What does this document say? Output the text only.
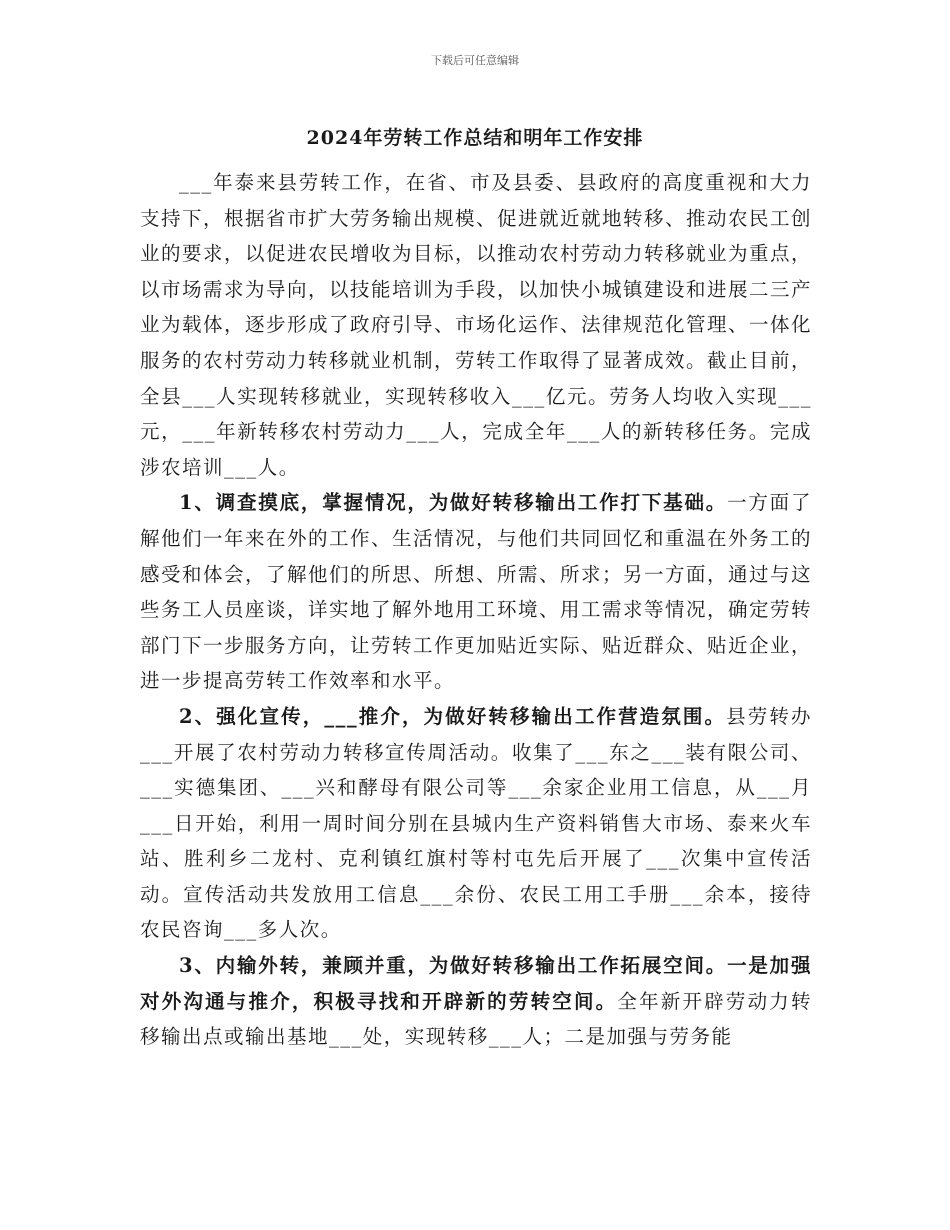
下载后可任意编辑
2024年劳转工作总结和明年工作安排

___年泰来县劳转工作，在省、市及县委、县政府的高度重视和大力支持下，根据省市扩大劳务输出规模、促进就近就地转移、推动农民工创业的要求，以促进农民增收为目标，以推动农村劳动力转移就业为重点，以市场需求为导向，以技能培训为手段，以加快小城镇建设和进展二三产业为载体，逐步形成了政府引导、市场化运作、法律规范化管理、一体化服务的农村劳动力转移就业机制，劳转工作取得了显著成效。截止目前，全县___人实现转移就业，实现转移收入___亿元。劳务人均收入实现___元，___年新转移农村劳动力___人，完成全年___人的新转移任务。完成涉农培训___人。

1、调查摸底，掌握情况，为做好转移输出工作打下基础。一方面了解他们一年来在外的工作、生活情况，与他们共同回忆和重温在外务工的感受和体会，了解他们的所思、所想、所需、所求；另一方面，通过与这些务工人员座谈，详实地了解外地用工环境、用工需求等情况，确定劳转部门下一步服务方向，让劳转工作更加贴近实际、贴近群众、贴近企业，进一步提高劳转工作效率和水平。

2、强化宣传，___推介，为做好转移输出工作营造氛围。县劳转办___开展了农村劳动力转移宣传周活动。收集了___东之___装有限公司、___实德集团、___兴和酵母有限公司等___余家企业用工信息，从___月___日开始，利用一周时间分别在县城内生产资料销售大市场、泰来火车站、胜利乡二龙村、克利镇红旗村等村屯先后开展了___次集中宣传活动。宣传活动共发放用工信息___余份、农民工用工手册___余本，接待农民咨询___多人次。

3、内输外转，兼顾并重，为做好转移输出工作拓展空间。一是加强对外沟通与推介，积极寻找和开辟新的劳转空间。全年新开辟劳动力转移输出点或输出基地___处，实现转移___人；二是加强与劳务能
